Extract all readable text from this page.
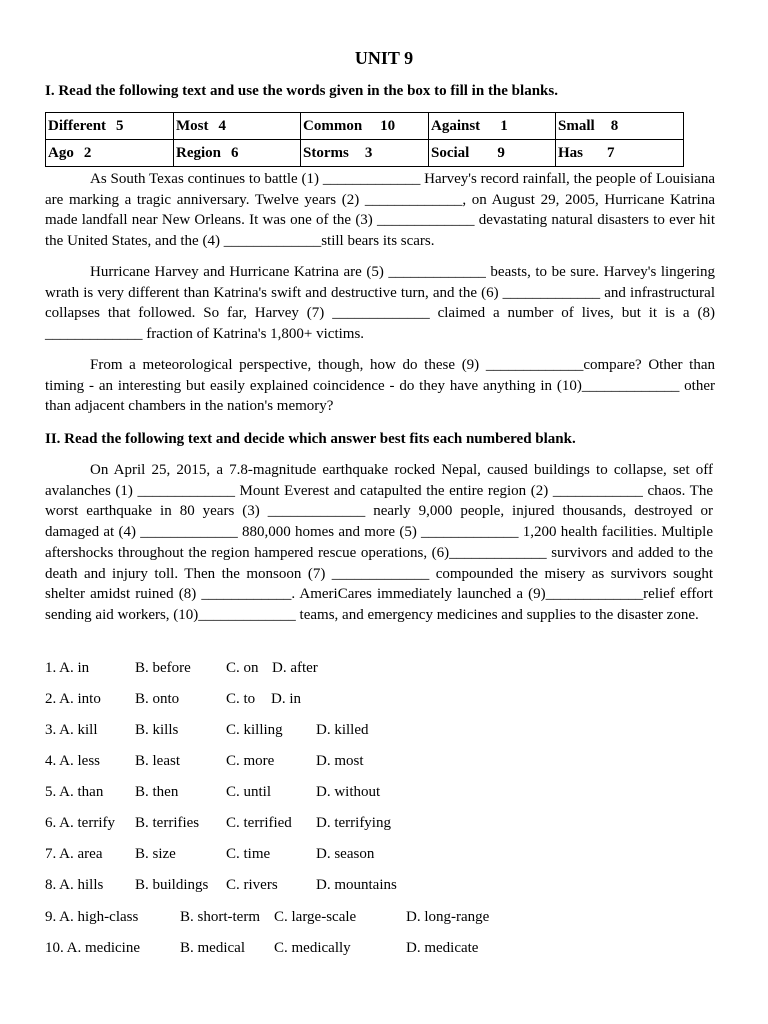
UNIT 9
I. Read the following text and use the words given in the box to fill in the blanks.
Different 5	Most 4	Common 10	Against 1	Small 8
Ago 2	Region 6	Storms 3	Social 9	Has 7
As South Texas continues to battle (1) _____________ Harvey's record rainfall, the people of Louisiana are marking a tragic anniversary. Twelve years (2) _____________, on August 29, 2005, Hurricane Katrina made landfall near New Orleans. It was one of the (3) _____________ devastating natural disasters to ever hit the United States, and the (4) _____________still bears its scars.
Hurricane Harvey and Hurricane Katrina are (5) _____________ beasts, to be sure. Harvey's lingering wrath is very different than Katrina's swift and destructive turn, and the (6) _____________ and infrastructural collapses that followed. So far, Harvey (7) _____________ claimed a number of lives, but it is a (8) _____________ fraction of Katrina's 1,800+ victims.
From a meteorological perspective, though, how do these (9) _____________compare? Other than timing - an interesting but easily explained coincidence - do they have anything in (10)_____________ other than adjacent chambers in the nation's memory?
II. Read the following text and decide which answer best fits each numbered blank.
On April 25, 2015, a 7.8-magnitude earthquake rocked Nepal, caused buildings to collapse, set off avalanches (1) _____________ Mount Everest and catapulted the entire region (2) ____________ chaos. The worst earthquake in 80 years (3) _____________ nearly 9,000 people, injured thousands, destroyed or damaged at (4) _____________ 880,000 homes and more (5) _____________ 1,200 health facilities. Multiple aftershocks throughout the region hampered rescue operations, (6)_____________ survivors and added to the death and injury toll. Then the monsoon (7) _____________ compounded the misery as survivors sought shelter amidst ruined (8) ____________. AmeriCares immediately launched a (9)_____________relief effort sending aid workers, (10)_____________ teams, and emergency medicines and supplies to the disaster zone.
1. A. in	B. before C. on D. after
2. A. into B. onto	C. to D. in
3. A. kill B. kills	C. killing D. killed
4. A. less B. least	C. more	D. most
5. A. than B. then	C. until	D. without
6. A. terrify B. terrifies C. terrified D. terrifying
7. A. area B. size	C. time	D. season
8. A. hills B. buildings C. rivers	D. mountains
9. A. high-class	B. short-term C. large-scale	D. long-range
10. A. medicine	B. medical C. medically	D. medicate
